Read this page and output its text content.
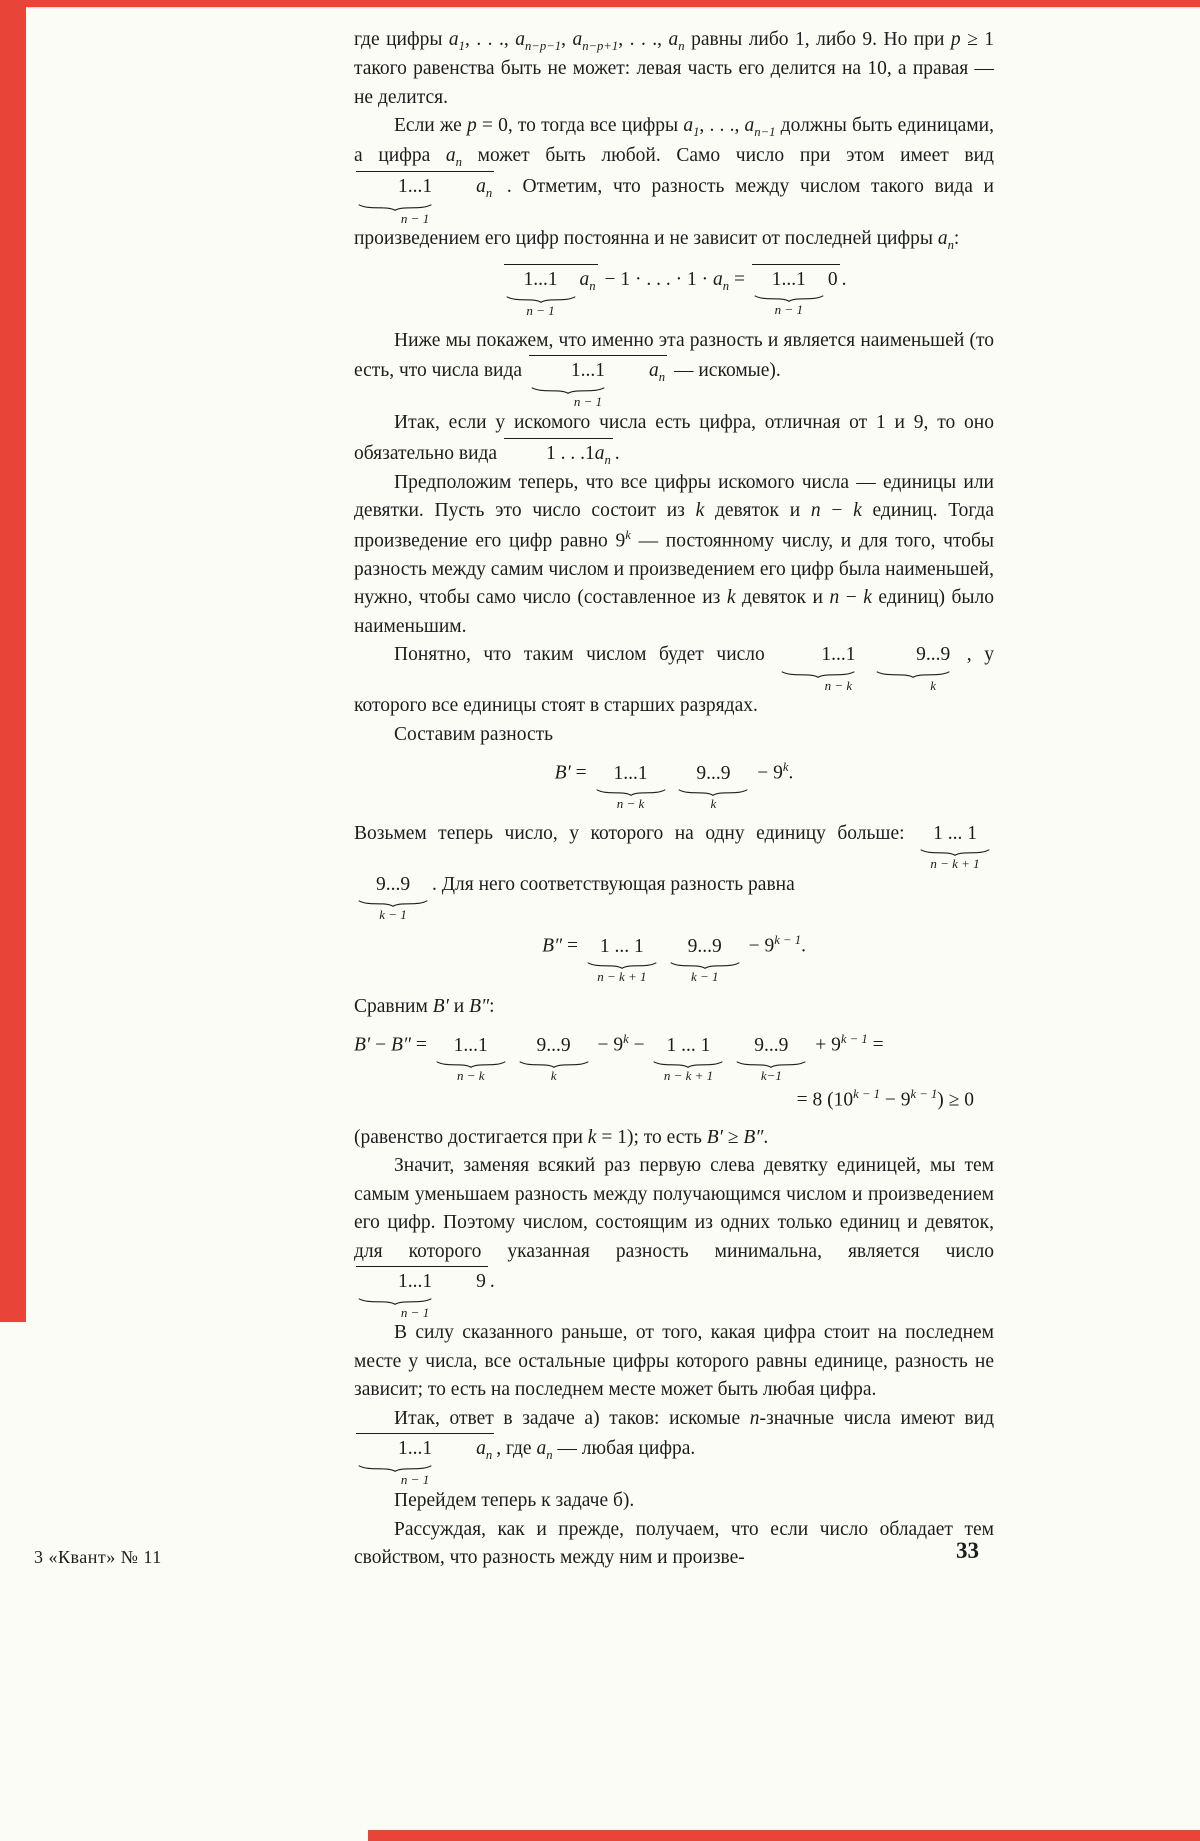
где цифры $a_1$, . . ., $a_{n-p-1}$, $a_{n-p+1}$, . . ., $a_n$ равны либо 1, либо 9. Но при p ≥ 1 такого равенства быть не может: левая часть его делится на 10, а правая — не делится.
Если же p = 0, то тогда все цифры $a_1$, . . ., $a_{n-1}$ должны быть единицами, а цифра $a_n$ может быть любой. Само число при этом имеет вид 1...1	$a_n$

n − 1	. Отметим, что разность между числом такого вида и произведением его цифр постоянна и не зависит от последней цифры $a_n$:
1...1	$a_n$

n − 1	− 1 · . . . · $1 \cdot a_n = 1...1$	0

n − 1	.
Ниже мы покажем, что именно эта разность и является наименьшей (то есть, что числа вида 1...1	$a_n$

n − 1	— искомые).
Итак, если у искомого числа есть цифра, отличная от 1 и 9, то оно обязательно вида 1 . . $.1a_n$ .
Предположим теперь, что все цифры искомого числа — единицы или девятки. Пусть это число состоит из k девяток и n − k единиц. Тогда произведение его цифр равно 9$^k$ — постоянному числу, и для того, чтобы разность между самим числом и произведением его цифр была наименьшей, нужно, чтобы само число (составленное из k девяток и n − k единиц) было наименьшим.
Понятно, что таким числом будет число 1...1

n − k 9...9

k , у которого все единицы стоят в старших разрядах.
Составим разность
B′ = 1...1

n − k 9...9

$k - 9^k$.
Возьмем теперь число, у которого на одну единицу больше: 1 ... 1

n − k + 1 9...9

k − 1. Для него соответствующая разность равна
B″ = 1 ... 1

n − k + 1 9...9

$k - 1 - 9^{k - 1}$.
Сравним B′ и B″:
B′ − B″ = 1...1

n − k 9...9

$k - 9^k - 1$ ... 1

n − k + 1 9...9

$k-1 + 9^{k - 1}$ =
= 8 $(10^{k - 1} - 9^{k - 1}) \ge 0$
(равенство достигается при k = 1); то есть B′ ≥ B″.
Значит, заменяя всякий раз первую слева девятку единицей, мы тем самым уменьшаем разность между получающимся числом и произведением его цифр. Поэтому числом, состоящим из одних только единиц и девяток, для которого указанная разность минимальна, является число 1...1	9

n − 1	.
В силу сказанного раньше, от того, какая цифра стоит на последнем месте у числа, все остальные цифры которого равны единице, разность не зависит; то есть на последнем месте может быть любая цифра.
Итак, ответ в задаче а) таков: искомые n-значные числа имеют вид 1...1	$a_n$

n − 1	, где $a_n$ — любая цифра.
Перейдем теперь к задаче б).
Рассуждая, как и прежде, получаем, что если число обладает тем свойством, что разность между ним и произве-
3 «Квант» № 11	33
